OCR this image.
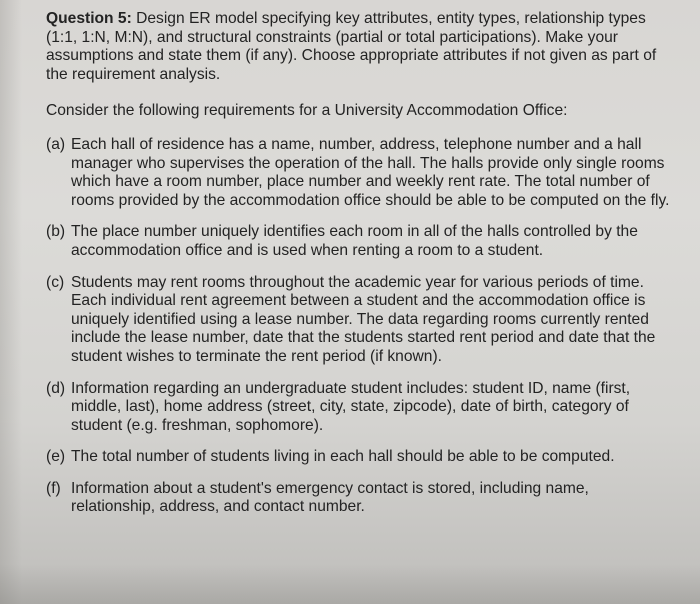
Question 5: Design ER model specifying key attributes, entity types, relationship types (1:1, 1:N, M:N), and structural constraints (partial or total participations). Make your assumptions and state them (if any). Choose appropriate attributes if not given as part of the requirement analysis.

Consider the following requirements for a University Accommodation Office:

(a) Each hall of residence has a name, number, address, telephone number and a hall manager who supervises the operation of the hall. The halls provide only single rooms which have a room number, place number and weekly rent rate. The total number of rooms provided by the accommodation office should be able to be computed on the fly.
(b) The place number uniquely identifies each room in all of the halls controlled by the accommodation office and is used when renting a room to a student.
(c) Students may rent rooms throughout the academic year for various periods of time. Each individual rent agreement between a student and the accommodation office is uniquely identified using a lease number. The data regarding rooms currently rented include the lease number, date that the students started rent period and date that the student wishes to terminate the rent period (if known).
(d) Information regarding an undergraduate student includes: student ID, name (first, middle, last), home address (street, city, state, zipcode), date of birth, category of student (e.g. freshman, sophomore).
(e) The total number of students living in each hall should be able to be computed.
(f) Information about a student's emergency contact is stored, including name, relationship, address, and contact number.
